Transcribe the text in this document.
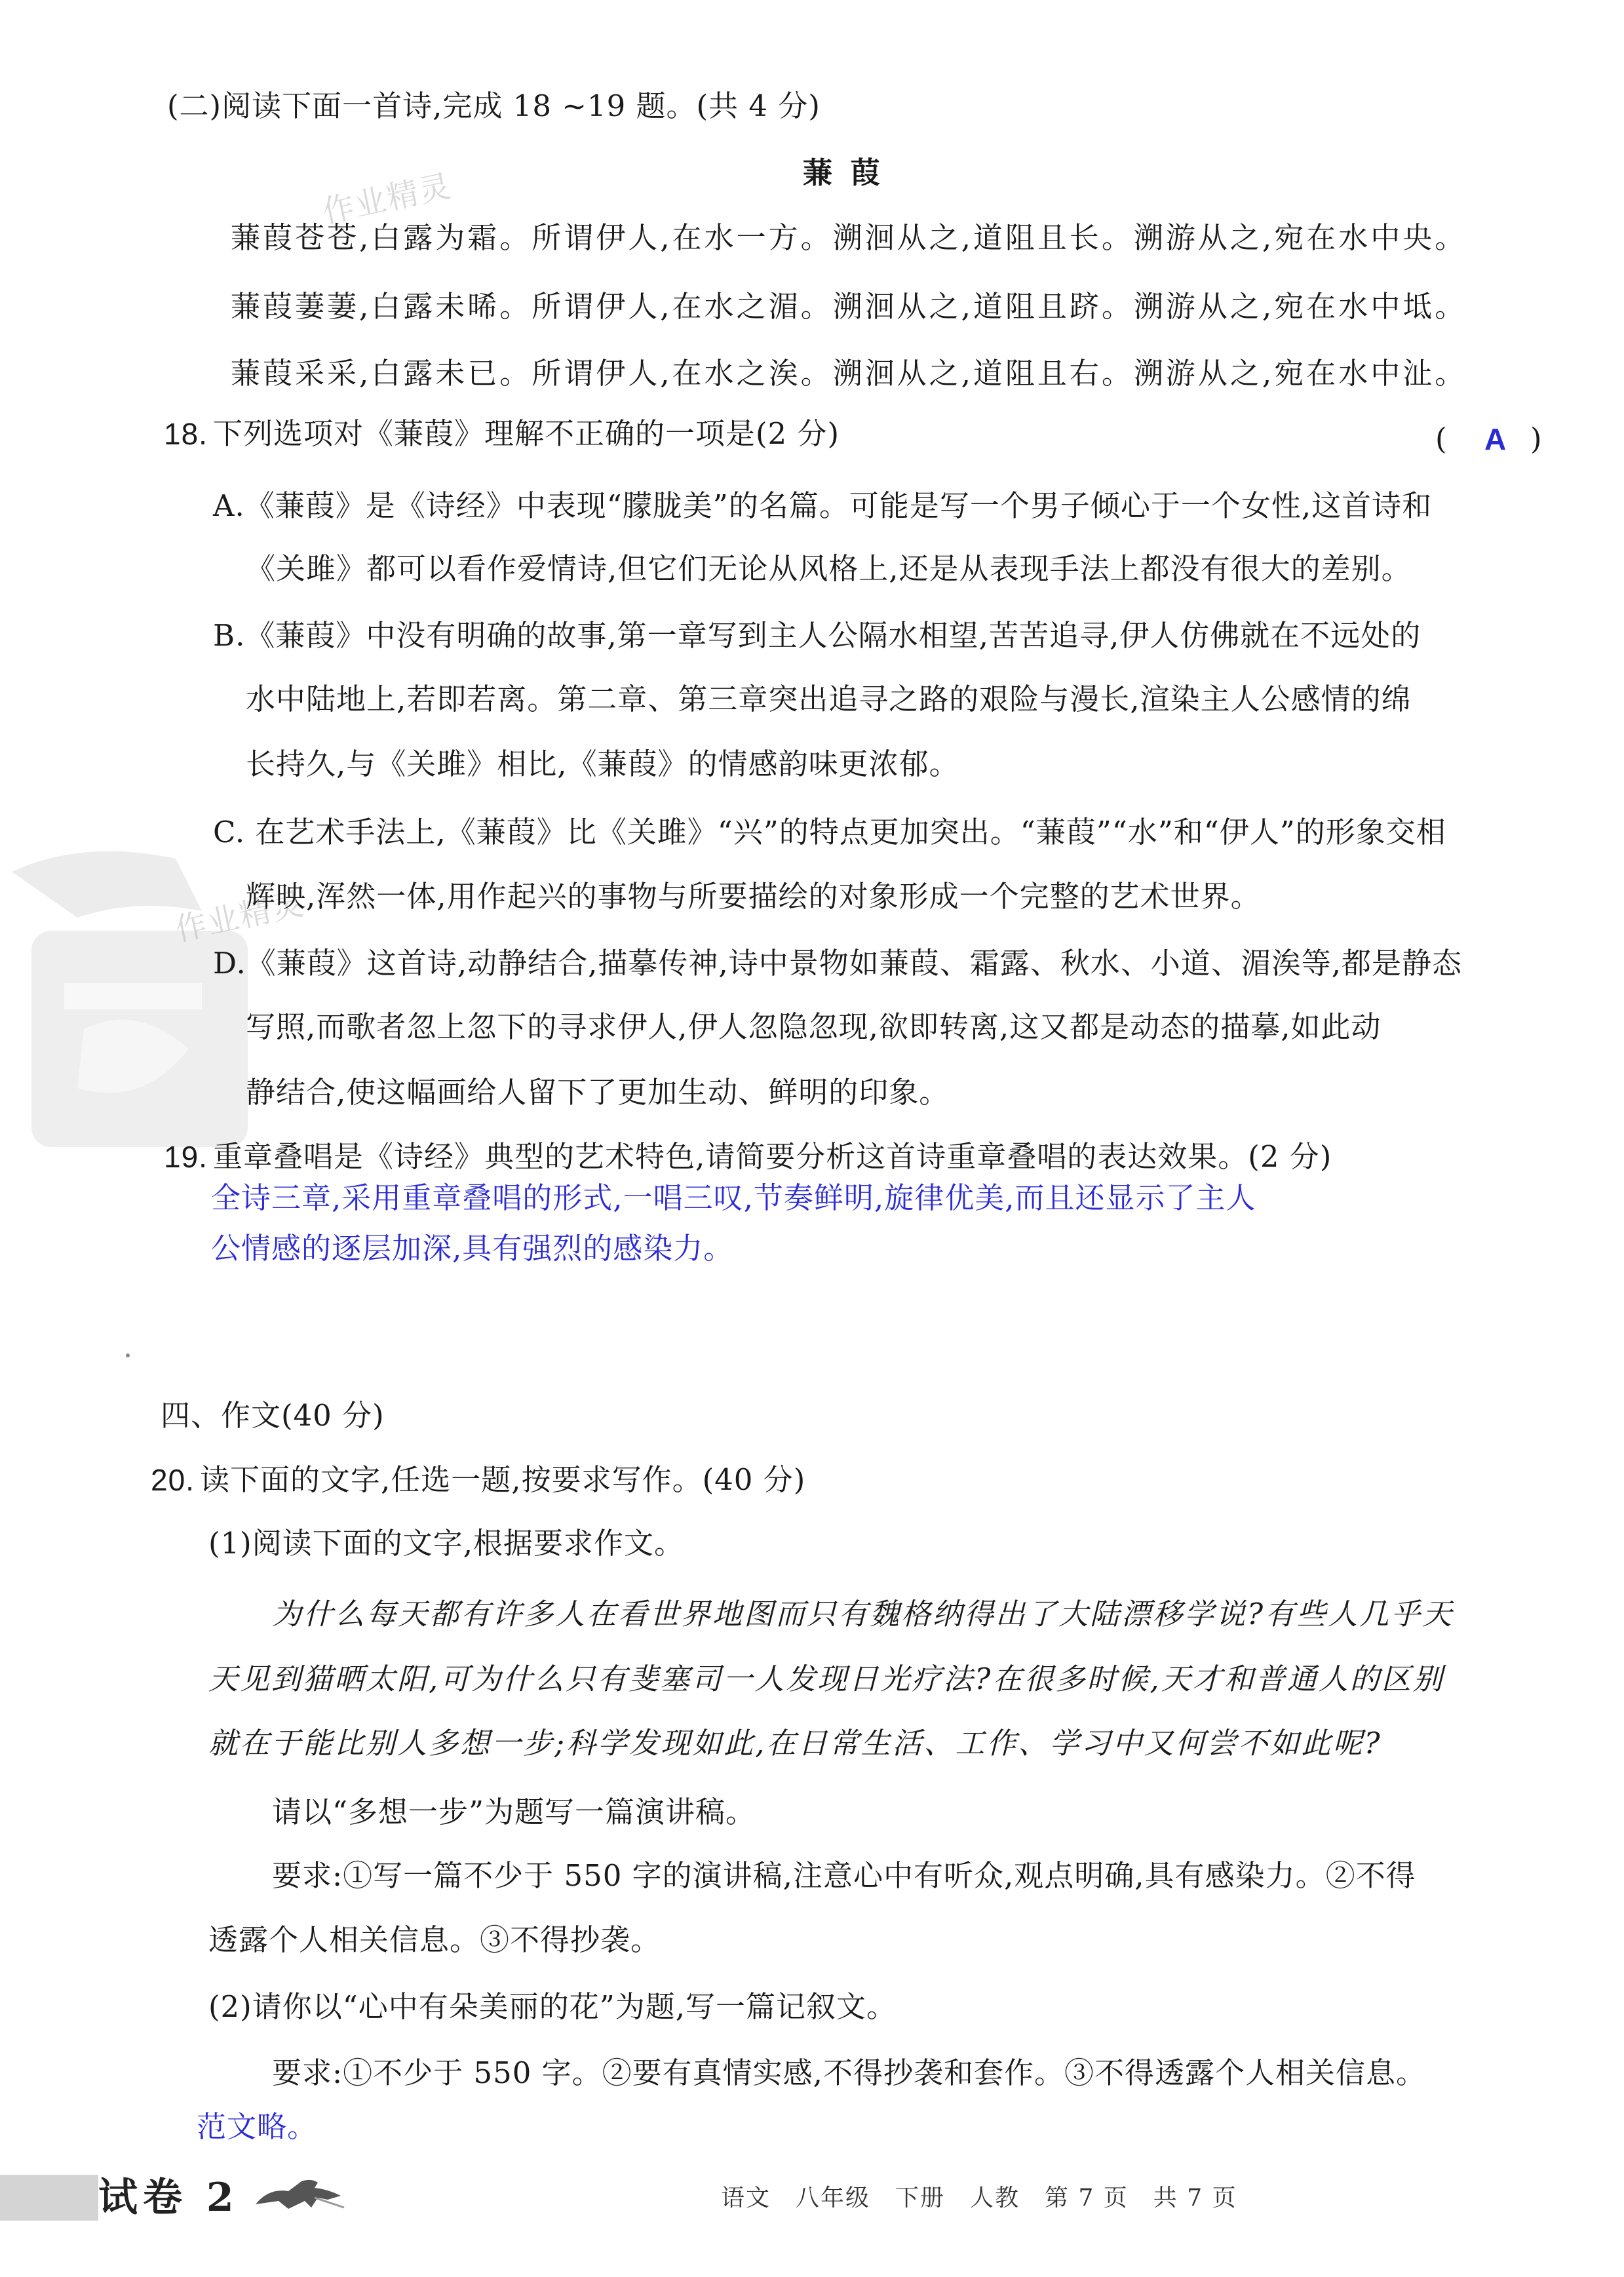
作业精灵
作业精灵
(二)阅读下面一首诗,完成 18 ~19 题。(共 4 分)
蒹 葭
蒹葭苍苍,白露为霜。所谓伊人,在水一方。溯洄从之,道阻且长。溯游从之,宛在水中央。
蒹葭萋萋,白露未晞。所谓伊人,在水之湄。溯洄从之,道阻且跻。溯游从之,宛在水中坻。
蒹葭采采,白露未已。所谓伊人,在水之涘。溯洄从之,道阻且右。溯游从之,宛在水中沚。
18. 下列选项对《蒹葭》理解不正确的一项是(2 分)	( A )
A.《蒹葭》是《诗经》中表现“朦胧美”的名篇。可能是写一个男子倾心于一个女性,这首诗和
《关雎》都可以看作爱情诗,但它们无论从风格上,还是从表现手法上都没有很大的差别。
B.《蒹葭》中没有明确的故事,第一章写到主人公隔水相望,苦苦追寻,伊人仿佛就在不远处的
水中陆地上,若即若离。第二章、第三章突出追寻之路的艰险与漫长,渲染主人公感情的绵
长持久,与《关雎》相比,《蒹葭》的情感韵味更浓郁。
C. 在艺术手法上,《蒹葭》比《关雎》“兴”的特点更加突出。“蒹葭”“水”和“伊人”的形象交相
辉映,浑然一体,用作起兴的事物与所要描绘的对象形成一个完整的艺术世界。
D.《蒹葭》这首诗,动静结合,描摹传神,诗中景物如蒹葭、霜露、秋水、小道、湄涘等,都是静态
写照,而歌者忽上忽下的寻求伊人,伊人忽隐忽现,欲即转离,这又都是动态的描摹,如此动
静结合,使这幅画给人留下了更加生动、鲜明的印象。
19. 重章叠唱是《诗经》典型的艺术特色,请简要分析这首诗重章叠唱的表达效果。(2 分)
全诗三章,采用重章叠唱的形式,一唱三叹,节奏鲜明,旋律优美,而且还显示了主人
公情感的逐层加深,具有强烈的感染力。
四、作文(40 分)
20. 读下面的文字,任选一题,按要求写作。(40 分)
(1)阅读下面的文字,根据要求作文。
为什么每天都有许多人在看世界地图而只有魏格纳得出了大陆漂移学说?有些人几乎天
天见到猫晒太阳,可为什么只有斐塞司一人发现日光疗法?在很多时候,天才和普通人的区别
就在于能比别人多想一步;科学发现如此,在日常生活、工作、学习中又何尝不如此呢?
请以“多想一步”为题写一篇演讲稿。
要求:①写一篇不少于 550 字的演讲稿,注意心中有听众,观点明确,具有感染力。②不得
透露个人相关信息。③不得抄袭。
(2)请你以“心中有朵美丽的花”为题,写一篇记叙文。
要求:①不少于 550 字。②要有真情实感,不得抄袭和套作。③不得透露个人相关信息。
范文略。
试卷 2	语文　八年级　下册　人教　第 7 页　共 7 页
